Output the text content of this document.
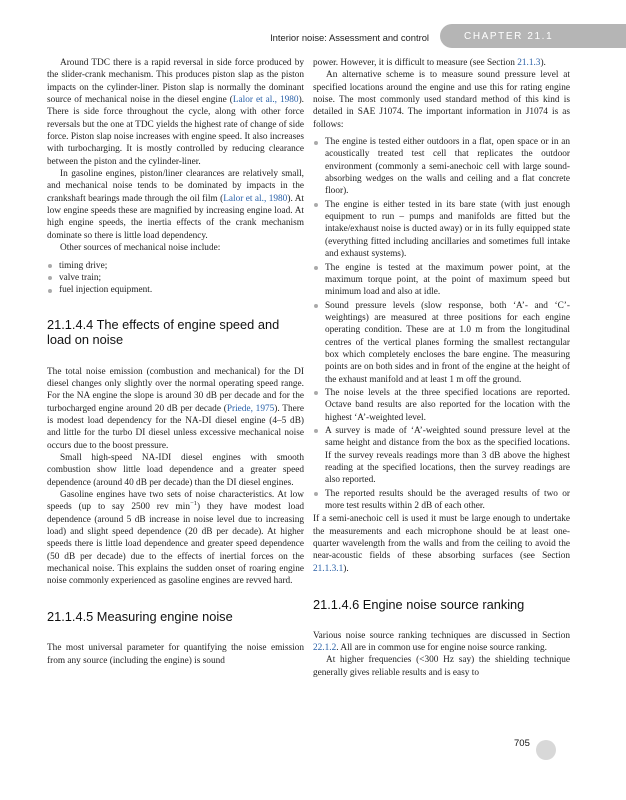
Interior noise: Assessment and control	CHAPTER 21.1

Around TDC there is a rapid reversal in side force produced by the slider-crank mechanism. This produces piston slap as the piston impacts on the cylinder-liner. Piston slap is normally the dominant source of mechanical noise in the diesel engine (Lalor et al., 1980). There is side force throughout the cycle, along with other force reversals but the one at TDC yields the highest rate of change of side force. Piston slap noise increases with engine speed. It also increases with turbocharging. It is mostly controlled by reducing clearance between the piston and the cylinder-liner.

In gasoline engines, piston/liner clearances are relatively small, and mechanical noise tends to be dominated by impacts in the crankshaft bearings made through the oil film (Lalor et al., 1980). At low engine speeds these are magnified by increasing engine load. At high engine speeds, the inertia effects of the crank mechanism dominate so there is little load dependency.

Other sources of mechanical noise include:

timing drive;
valve train;
fuel injection equipment.
21.1.4.4 The effects of engine speed and load on noise

The total noise emission (combustion and mechanical) for the DI diesel changes only slightly over the normal operating speed range. For the NA engine the slope is around 30 dB per decade and for the turbocharged engine around 20 dB per decade (Priede, 1975). There is modest load dependency for the NA-DI diesel engine (4–5 dB) and little for the turbo DI diesel unless excessive mechanical noise occurs due to the boost pressure.

Small high-speed NA-IDI diesel engines with smooth combustion show little load dependence and a greater speed dependence (around 40 dB per decade) than the DI diesel engines.

Gasoline engines have two sets of noise characteristics. At low speeds (up to say 2500 rev $\min^{-1}$) they have modest load dependence (around 5 dB increase in noise level due to increasing load) and slight speed dependence (20 dB per decade). At higher speeds there is little load dependence and greater speed dependence (50 dB per decade) due to the effects of inertial forces on the mechanical noise. This explains the sudden onset of roaring engine noise commonly experienced as gasoline engines are revved hard.

21.1.4.5 Measuring engine noise

The most universal parameter for quantifying the noise emission from any source (including the engine) is sound

power. However, it is difficult to measure (see Section 21.1.3).

An alternative scheme is to measure sound pressure level at specified locations around the engine and use this for rating engine noise. The most commonly used standard method of this kind is detailed in SAE J1074. The important information in J1074 is as follows:

The engine is tested either outdoors in a flat, open space or in an acoustically treated test cell that replicates the outdoor environment (commonly a semi-anechoic cell with large sound-absorbing wedges on the walls and ceiling and a flat concrete floor).
The engine is either tested in its bare state (with just enough equipment to run – pumps and manifolds are fitted but the intake/exhaust noise is ducted away) or in its fully equipped state (everything fitted including ancillaries and sometimes full intake and exhaust systems).
The engine is tested at the maximum power point, at the maximum torque point, at the point of maximum speed but minimum load and also at idle.
Sound pressure levels (slow response, both ‘A’- and ‘C’-weightings) are measured at three positions for each engine operating condition. These are at 1.0 m from the longitudinal centres of the vertical planes forming the smallest rectangular box which completely encloses the bare engine. The measuring points are on both sides and in front of the engine at the height of the exhaust manifold and at least 1 m off the ground.
The noise levels at the three specified locations are reported. Octave band results are also reported for the location with the highest ‘A’-weighted level.
A survey is made of ‘A’-weighted sound pressure level at the same height and distance from the box as the specified locations. If the survey reveals readings more than 3 dB above the highest reading at the specified locations, then the survey readings are also reported.
The reported results should be the averaged results of two or more test results within 2 dB of each other.

If a semi-anechoic cell is used it must be large enough to undertake the measurements and each microphone should be at least one-quarter wavelength from the walls and from the ceiling to avoid the near-acoustic fields of these absorbing surfaces (see Section 21.1.3.1).

21.1.4.6 Engine noise source ranking

Various noise source ranking techniques are discussed in Section 22.1.2. All are in common use for engine noise source ranking.

At higher frequencies (<300 Hz say) the shielding technique generally gives reliable results and is easy to

705
